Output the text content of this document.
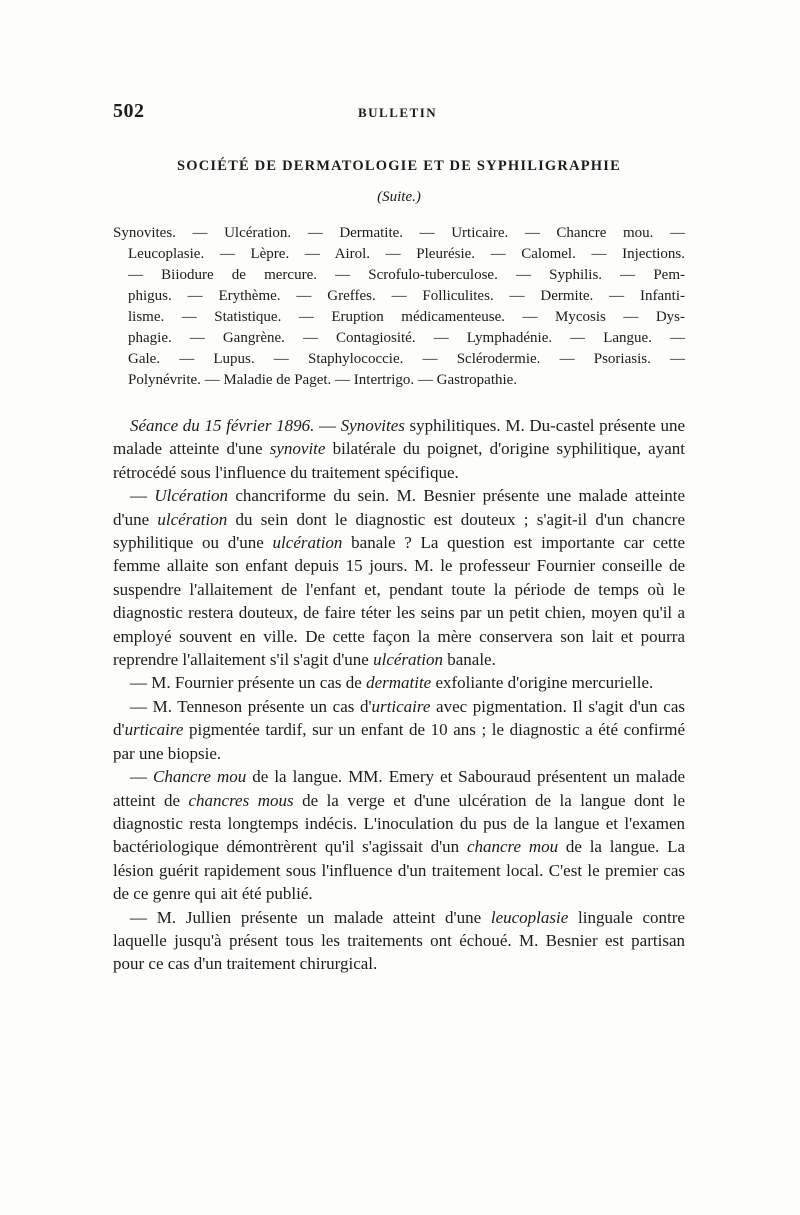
502	BULLETIN
SOCIÉTÉ DE DERMATOLOGIE ET DE SYPHILIGRAPHIE
(Suite.)
Synovites. — Ulcération. — Dermatite. — Urticaire. — Chancre mou. —
Leucoplasie. — Lèpre. — Airol. — Pleurésie. — Calomel. — Injections.
— Biiodure de mercure. — Scrofulo-tuberculose. — Syphilis. — Pem-
phigus. — Erythème. — Greffes. — Folliculites. — Dermite. — Infanti-
lisme. — Statistique. — Eruption médicamenteuse. — Mycosis — Dys-
phagie. — Gangrène. — Contagiosité. — Lymphadénie. — Langue. —
Gale. — Lupus. — Staphylococcie. — Sclérodermie. — Psoriasis. —
Polynévrite. — Maladie de Paget. — Intertrigo. — Gastropathie.

Séance du 15 février 1896. — Synovites syphilitiques. M. Du-castel présente une malade atteinte d'une synovite bilatérale du poignet, d'origine syphilitique, ayant rétrocédé sous l'influence du traitement spécifique.

— Ulcération chancriforme du sein. M. Besnier présente une malade atteinte d'une ulcération du sein dont le diagnostic est douteux ; s'agit-il d'un chancre syphilitique ou d'une ulcération banale ? La question est importante car cette femme allaite son enfant depuis 15 jours. M. le professeur Fournier conseille de suspendre l'allaitement de l'enfant et, pendant toute la période de temps où le diagnostic restera douteux, de faire téter les seins par un petit chien, moyen qu'il a employé souvent en ville. De cette façon la mère conservera son lait et pourra reprendre l'allaitement s'il s'agit d'une ulcération banale.

— M. Fournier présente un cas de dermatite exfoliante d'origine mercurielle.

— M. Tenneson présente un cas d'urticaire avec pigmentation. Il s'agit d'un cas d'urticaire pigmentée tardif, sur un enfant de 10 ans ; le diagnostic a été confirmé par une biopsie.

— Chancre mou de la langue. MM. Emery et Sabouraud présentent un malade atteint de chancres mous de la verge et d'une ulcération de la langue dont le diagnostic resta longtemps indécis. L'inoculation du pus de la langue et l'examen bactériologique démontrèrent qu'il s'agissait d'un chancre mou de la langue. La lésion guérit rapidement sous l'influence d'un traitement local. C'est le premier cas de ce genre qui ait été publié.

— M. Jullien présente un malade atteint d'une leucoplasie linguale contre laquelle jusqu'à présent tous les traitements ont échoué. M. Besnier est partisan pour ce cas d'un traitement chirurgical.
